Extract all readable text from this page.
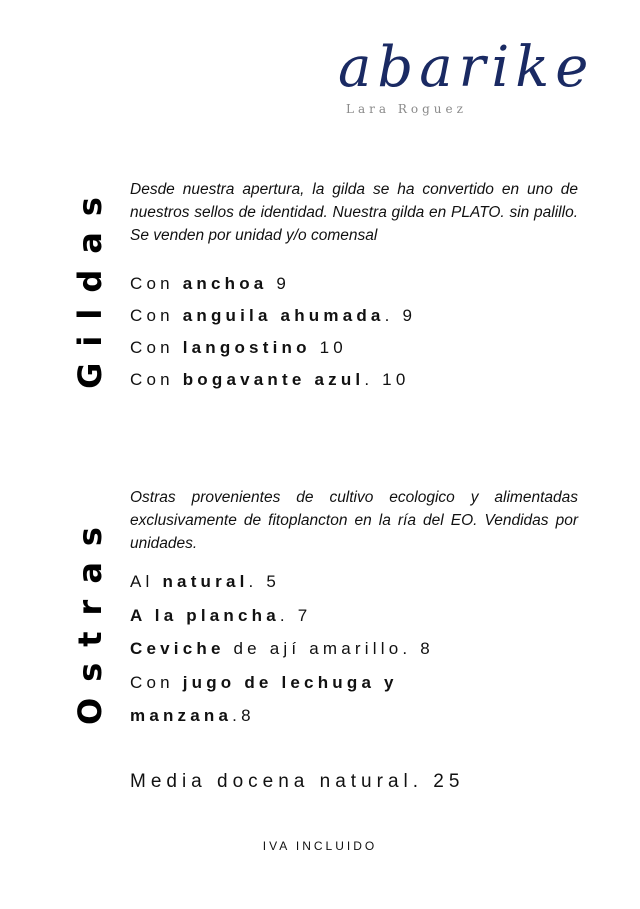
abarike
Lara Roguez
Gildas Desde nuestra apertura, la gilda se ha convertido en uno de nuestros sellos de identidad. Nuestra gilda en PLATO. sin palillo. Se venden por unidad y/o comensal
Con anchoa 9
Con anguila ahumada. 9
Con langostino 10
Con bogavante azul. 10
Ostras
Ostras provenientes de cultivo ecologico y alimentadas exclusivamente de fitoplancton en la ría del EO. Vendidas por unidades.
Al natural. 5
A la plancha. 7
Ceviche de ají amarillo. 8
Con jugo de lechuga y
manzana.8
Media docena natural. 25
IVA INCLUIDO
